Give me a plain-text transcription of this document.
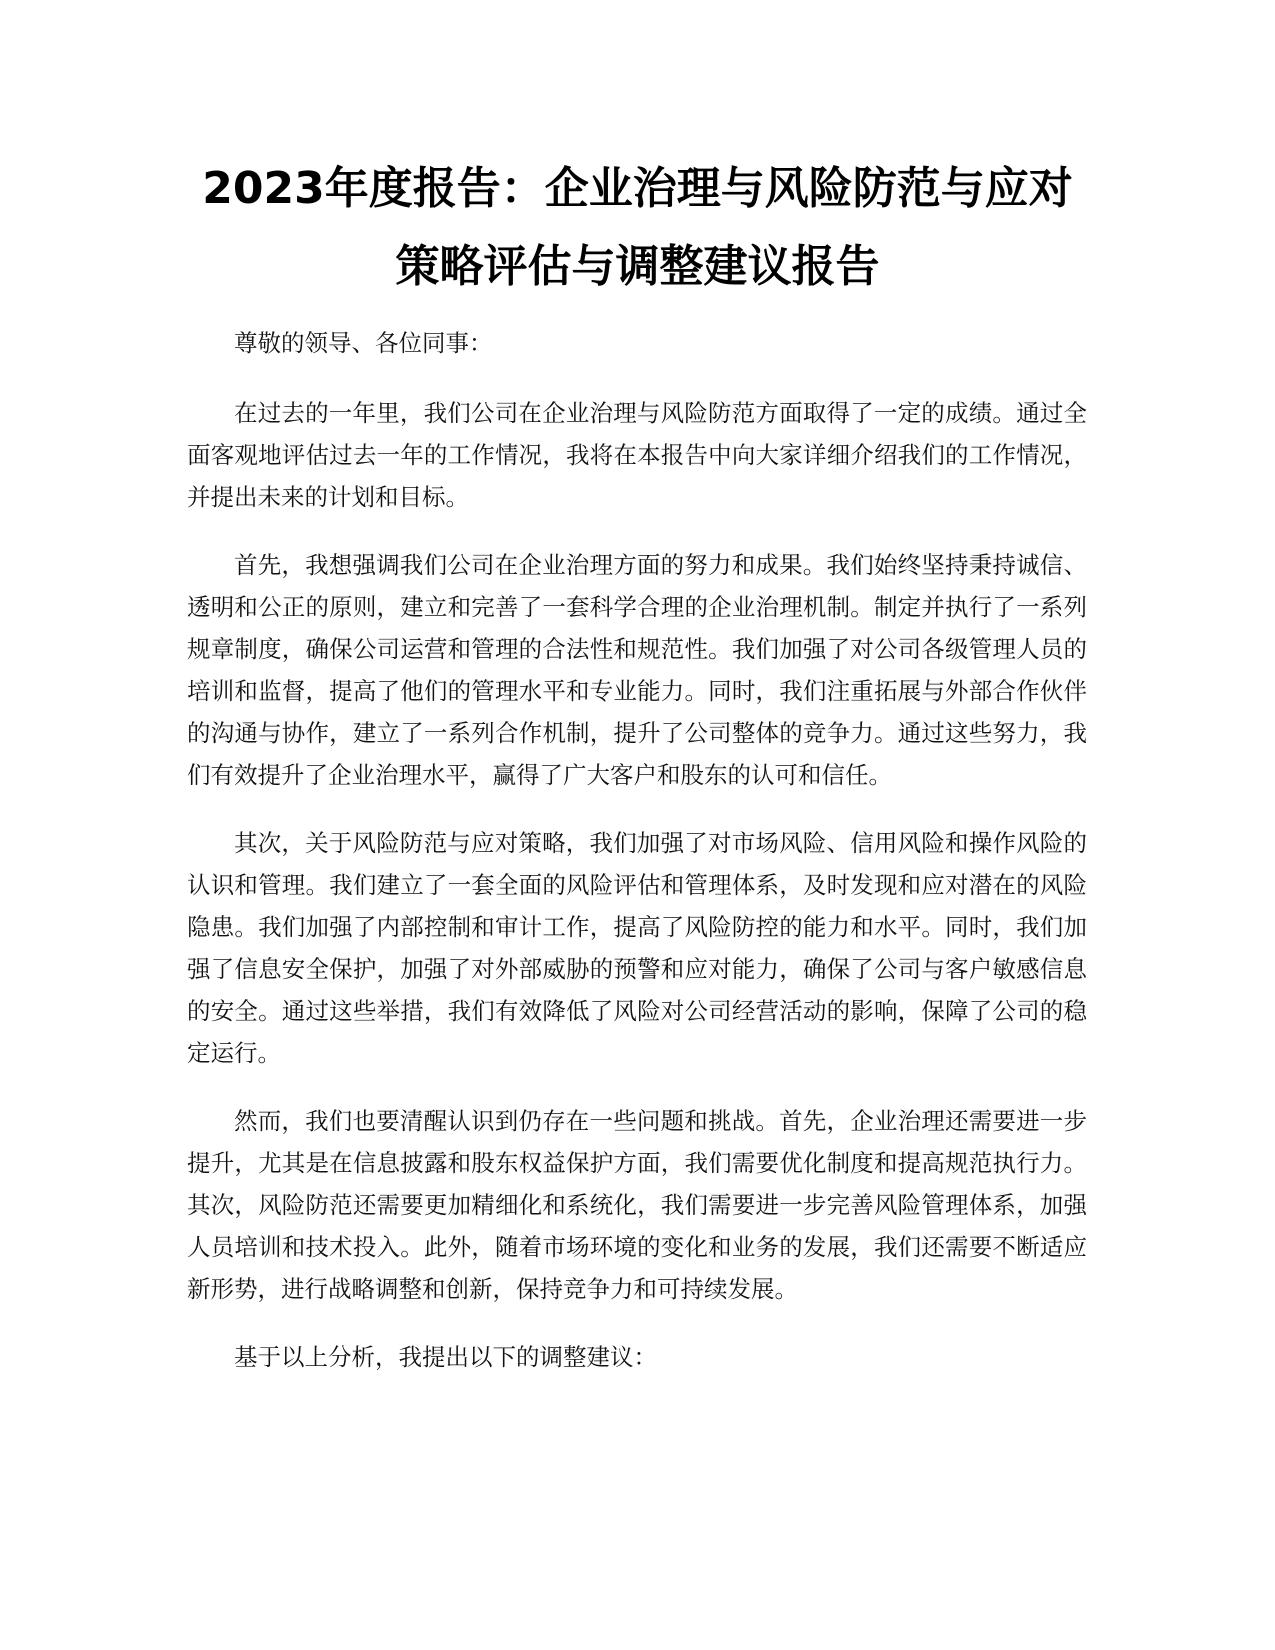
2023年度报告：企业治理与风险防范与应对
策略评估与调整建议报告

尊敬的领导、各位同事：

在过去的一年里，我们公司在企业治理与风险防范方面取得了一定的成绩。通过全面客观地评估过去一年的工作情况，我将在本报告中向大家详细介绍我们的工作情况，并提出未来的计划和目标。

首先，我想强调我们公司在企业治理方面的努力和成果。我们始终坚持秉持诚信、透明和公正的原则，建立和完善了一套科学合理的企业治理机制。制定并执行了一系列规章制度，确保公司运营和管理的合法性和规范性。我们加强了对公司各级管理人员的培训和监督，提高了他们的管理水平和专业能力。同时，我们注重拓展与外部合作伙伴的沟通与协作，建立了一系列合作机制，提升了公司整体的竞争力。通过这些努力，我们有效提升了企业治理水平，赢得了广大客户和股东的认可和信任。

其次，关于风险防范与应对策略，我们加强了对市场风险、信用风险和操作风险的认识和管理。我们建立了一套全面的风险评估和管理体系，及时发现和应对潜在的风险隐患。我们加强了内部控制和审计工作，提高了风险防控的能力和水平。同时，我们加强了信息安全保护，加强了对外部威胁的预警和应对能力，确保了公司与客户敏感信息的安全。通过这些举措，我们有效降低了风险对公司经营活动的影响，保障了公司的稳定运行。

然而，我们也要清醒认识到仍存在一些问题和挑战。首先，企业治理还需要进一步提升，尤其是在信息披露和股东权益保护方面，我们需要优化制度和提高规范执行力。其次，风险防范还需要更加精细化和系统化，我们需要进一步完善风险管理体系，加强人员培训和技术投入。此外，随着市场环境的变化和业务的发展，我们还需要不断适应新形势，进行战略调整和创新，保持竞争力和可持续发展。

基于以上分析，我提出以下的调整建议：
